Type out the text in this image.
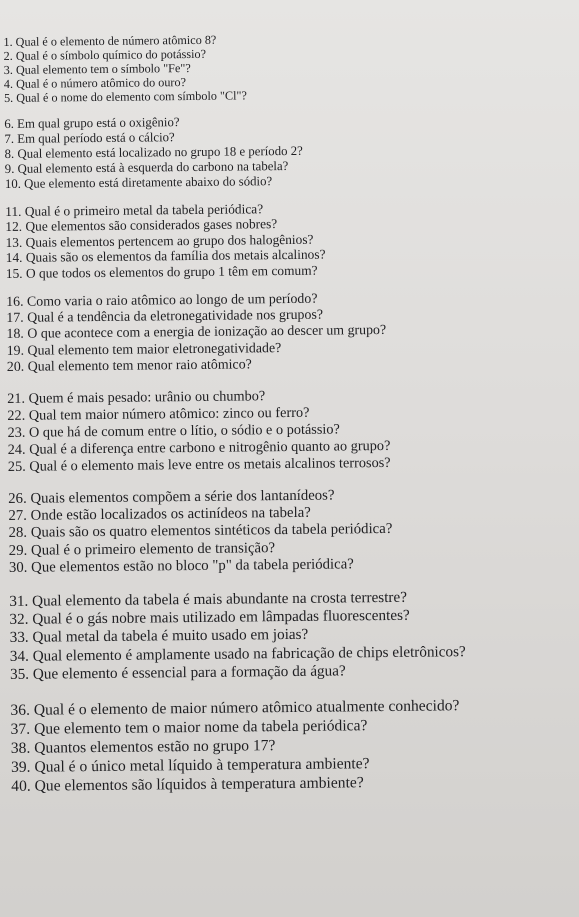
1. Qual é o elemento de número atômico 8?
2. Qual é o símbolo químico do potássio?
3. Qual elemento tem o símbolo "Fe"?
4. Qual é o número atômico do ouro?
5. Qual é o nome do elemento com símbolo "Cl"?
6. Em qual grupo está o oxigênio?
7. Em qual período está o cálcio?
8. Qual elemento está localizado no grupo 18 e período 2?
9. Qual elemento está à esquerda do carbono na tabela?
10. Que elemento está diretamente abaixo do sódio?
11. Qual é o primeiro metal da tabela periódica?
12. Que elementos são considerados gases nobres?
13. Quais elementos pertencem ao grupo dos halogênios?
14. Quais são os elementos da família dos metais alcalinos?
15. O que todos os elementos do grupo 1 têm em comum?
16. Como varia o raio atômico ao longo de um período?
17. Qual é a tendência da eletronegatividade nos grupos?
18. O que acontece com a energia de ionização ao descer um grupo?
19. Qual elemento tem maior eletronegatividade?
20. Qual elemento tem menor raio atômico?
21. Quem é mais pesado: urânio ou chumbo?
22. Qual tem maior número atômico: zinco ou ferro?
23. O que há de comum entre o lítio, o sódio e o potássio?
24. Qual é a diferença entre carbono e nitrogênio quanto ao grupo?
25. Qual é o elemento mais leve entre os metais alcalinos terrosos?
26. Quais elementos compõem a série dos lantanídeos?
27. Onde estão localizados os actinídeos na tabela?
28. Quais são os quatro elementos sintéticos da tabela periódica?
29. Qual é o primeiro elemento de transição?
30. Que elementos estão no bloco "p" da tabela periódica?
31. Qual elemento da tabela é mais abundante na crosta terrestre?
32. Qual é o gás nobre mais utilizado em lâmpadas fluorescentes?
33. Qual metal da tabela é muito usado em joias?
34. Qual elemento é amplamente usado na fabricação de chips eletrônicos?
35. Que elemento é essencial para a formação da água?
36. Qual é o elemento de maior número atômico atualmente conhecido?
37. Que elemento tem o maior nome da tabela periódica?
38. Quantos elementos estão no grupo 17?
39. Qual é o único metal líquido à temperatura ambiente?
40. Que elementos são líquidos à temperatura ambiente?
